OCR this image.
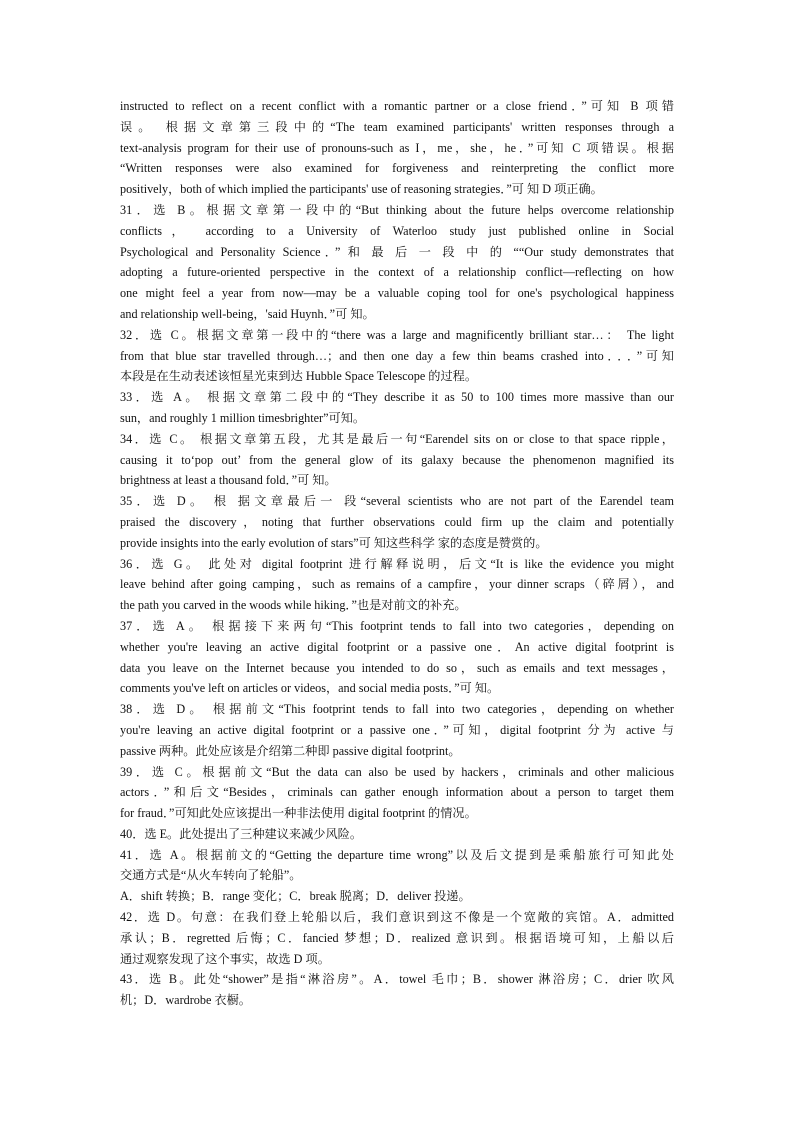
instructed to reflect on a recent conflict with a romantic partner or a close friend．”可知 B 项错
误。 根据文章第三段中的“The team examined participants' written responses through a
text-analysis program for their use of pronouns-such as I，me，she，he．”可知 C 项错误。根据
“Written responses were also examined for forgiveness and reinterpreting the conflict more
positively，both of which implied the participants' use of reasoning strategies．”可 知 D 项正确。
31．选 B。根据文章第一段中的“But thinking about the future helps overcome relationship
conflicts， according to a University of Waterloo study just published online in Social
Psychological and Personality Science．” 和 最 后 一 段 中 的 ““Our study demonstrates that
adopting a future-oriented perspective in the context of a relationship conflict—reflecting on how
one might feel a year from now—may be a valuable coping tool for one's psychological happiness
and relationship well-being，'said Huynh．”可 知。
32．选 C。根据文章第一段中的“there was a large and magnificently brilliant star…： The light
from that blue star travelled through…；and then one day a few thin beams crashed into．．．”可知
本段是在生动表述该恒星光束到达 Hubble Space Telescope 的过程。
33．选 A。 根据文章第二段中的“They describe it as 50 to 100 times more massive than our
sun，and roughly 1 million timesbrighter”可知。
34．选 C。 根据文章第五段，尤其是最后一句“Earendel sits on or close to that space ripple，
causing it to‘pop out’ from the general glow of its galaxy because the phenomenon magnified its
brightness at least a thousand fold．”可 知。
35．选 D。 根 据文章最后一 段“several scientists who are not part of the Earendel team
praised the discovery，noting that further observations could firm up the claim and potentially
provide insights into the early evolution of stars”可 知这些科学 家的态度是赞赏的。
36．选 G。 此处对 digital footprint 进行解释说明，后文“It is like the evidence you might
leave behind after going camping，such as remains of a campfire，your dinner scraps（碎屑），and
the path you carved in the woods while hiking．”也是对前文的补充。
37．选 A。 根据接下来两句“This footprint tends to fall into two categories，depending on
whether you're leaving an active digital footprint or a passive one．An active digital footprint is
data you leave on the Internet because you intended to do so，such as emails and text messages，
comments you've left on articles or videos，and social media posts．”可 知。
38．选 D。 根据前文“This footprint tends to fall into two categories，depending on whether
you're leaving an active digital footprint or a passive one．”可知，digital footprint 分为 active 与
passive 两种。此处应该是介绍第二种即 passive digital footprint。
39．选 C。根据前文“But the data can also be used by hackers，criminals and other malicious
actors．”和后文“Besides，criminals can gather enough information about a person to target them
for fraud．”可知此处应该提出一种非法使用 digital footprint 的情况。
40．选 E。此处提出了三种建议来减少风险。
41．选 A。根据前文的“Getting the departure time wrong”以及后文提到是乘船旅行可知此处
交通方式是“从火车转向了轮船”。
A．shift 转换；B．range 变化；C．break 脱离；D．deliver 投递。
42．选 D。句意：在我们登上轮船以后，我们意识到这不像是一个宽敞的宾馆。A．admitted
承认；B．regretted 后悔；C．fancied 梦想；D．realized 意识到。根据语境可知，上船以后
通过观察发现了这个事实，故选 D 项。
43．选 B。此处“shower”是指“淋浴房”。A．towel 毛巾；B．shower 淋浴房；C．drier 吹风
机；D．wardrobe 衣橱。
